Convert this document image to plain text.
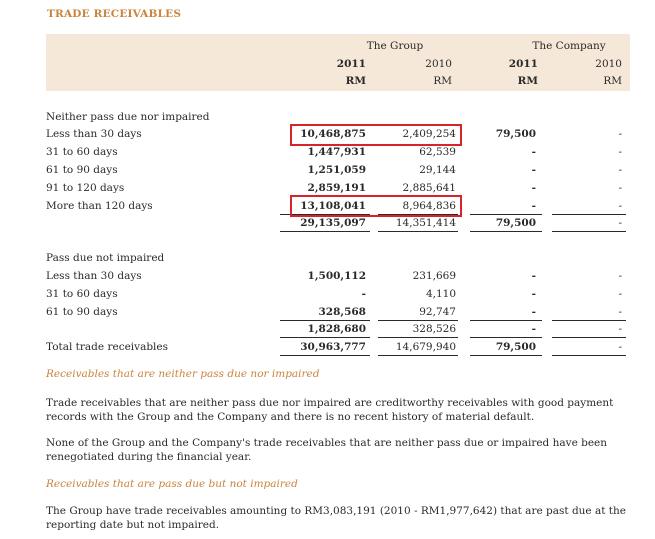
TRADE RECEIVABLES
The Group	The Company
2011	2010	2011	2010
RM	RM	RM	RM
Neither pass due nor impaired
Less than 30 days	10,468,875	2,409,254	79,500	-
31 to 60 days	1,447,931	62,539	-	-
61 to 90 days	1,251,059	29,144	-	-
91 to 120 days	2,859,191	2,885,641	-	-
More than 120 days	13,108,041	8,964,836	-	-
29,135,097	14,351,414	79,500	-
Pass due not impaired
Less than 30 days	1,500,112	231,669	-	-
31 to 60 days	-	4,110	-	-
61 to 90 days	328,568	92,747	-	-
1,828,680	328,526	-	-
Total trade receivables	30,963,777	14,679,940	79,500	-
Receivables that are neither pass due nor impaired
Trade receivables that are neither pass due nor impaired are creditworthy receivables with good payment records with the Group and the Company and there is no recent history of material default.
None of the Group and the Company's trade receivables that are neither pass due or impaired have been renegotiated during the financial year.
Receivables that are pass due but not impaired
The Group have trade receivables amounting to RM3,083,191 (2010 - RM1,977,642) that are past due at the reporting date but not impaired.
